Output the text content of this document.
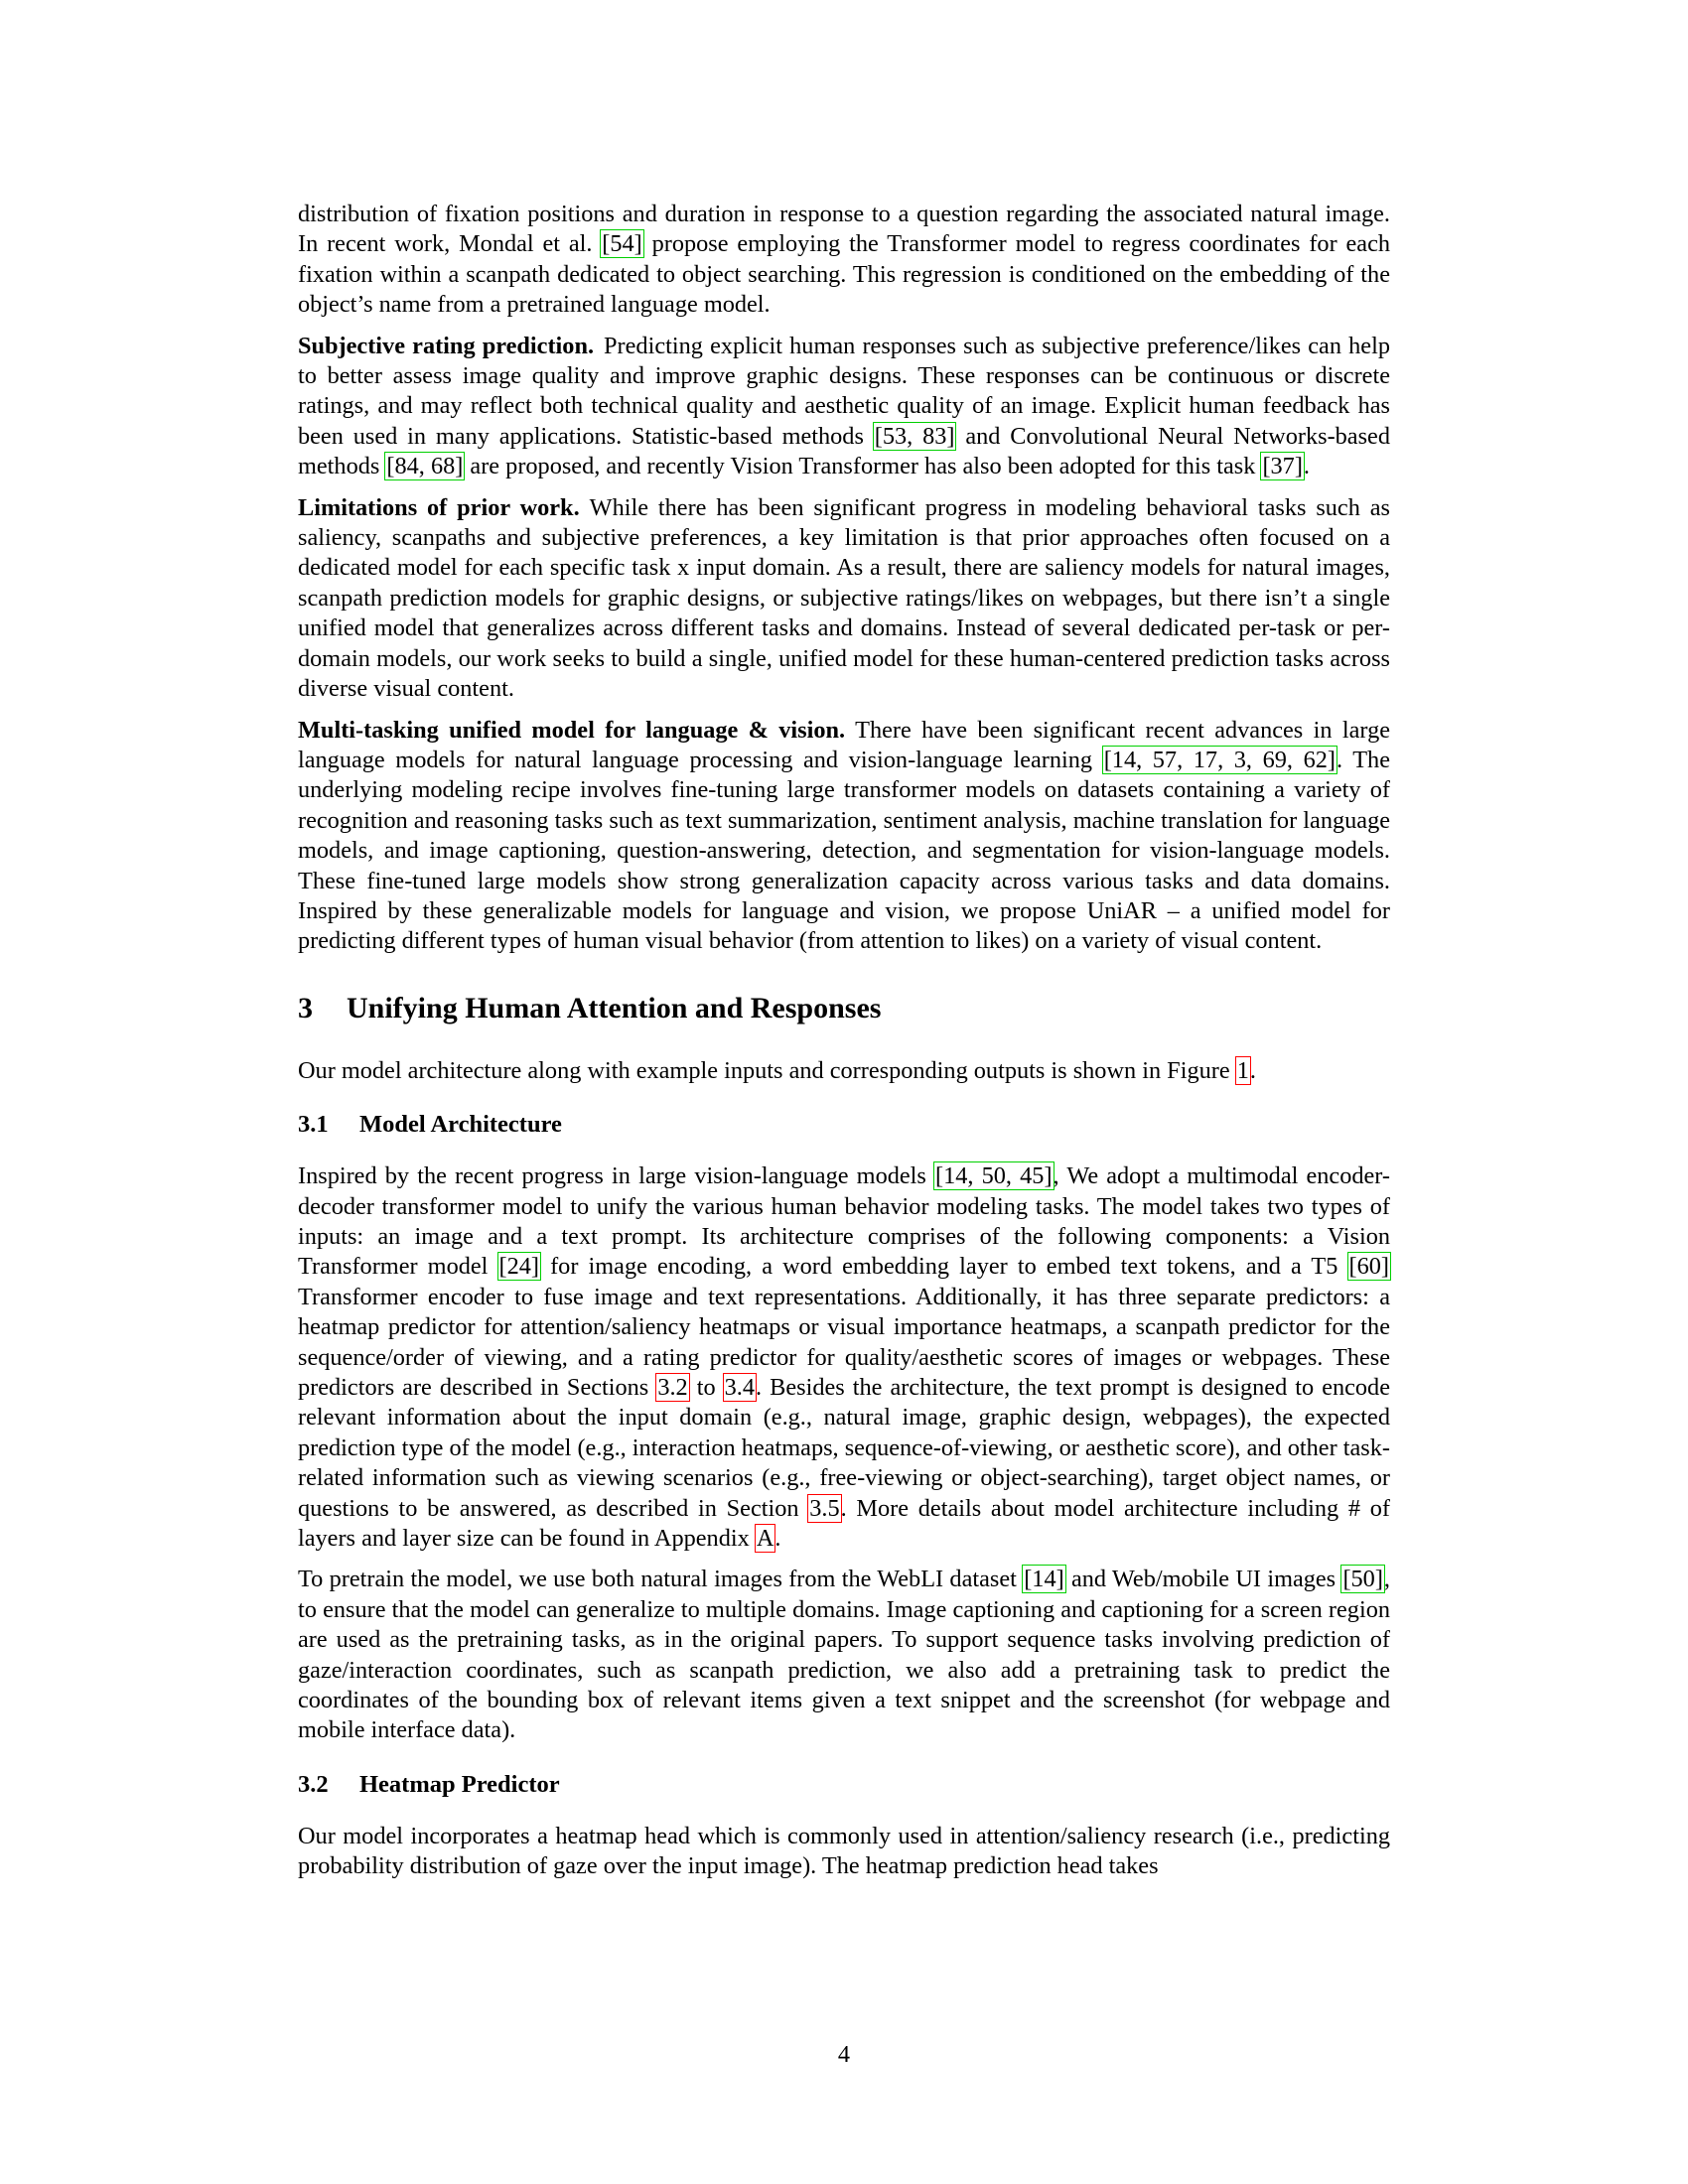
distribution of fixation positions and duration in response to a question regarding the associated natural image. In recent work, Mondal et al. [54] propose employing the Transformer model to regress coordinates for each fixation within a scanpath dedicated to object searching. This regression is conditioned on the embedding of the object’s name from a pretrained language model.

Subjective rating prediction. Predicting explicit human responses such as subjective preference/likes can help to better assess image quality and improve graphic designs. These responses can be continuous or discrete ratings, and may reflect both technical quality and aesthetic quality of an image. Explicit human feedback has been used in many applications. Statistic-based methods [53, 83] and Convolutional Neural Networks-based methods [84, 68] are proposed, and recently Vision Transformer has also been adopted for this task [37].

Limitations of prior work. While there has been significant progress in modeling behavioral tasks such as saliency, scanpaths and subjective preferences, a key limitation is that prior approaches often focused on a dedicated model for each specific task x input domain. As a result, there are saliency models for natural images, scanpath prediction models for graphic designs, or subjective ratings/likes on webpages, but there isn’t a single unified model that generalizes across different tasks and domains. Instead of several dedicated per-task or per-domain models, our work seeks to build a single, unified model for these human-centered prediction tasks across diverse visual content.

Multi-tasking unified model for language & vision. There have been significant recent advances in large language models for natural language processing and vision-language learning [14, 57, 17, 3, 69, 62]. The underlying modeling recipe involves fine-tuning large transformer models on datasets containing a variety of recognition and reasoning tasks such as text summarization, sentiment analysis, machine translation for language models, and image captioning, question-answering, detection, and segmentation for vision-language models. These fine-tuned large models show strong generalization capacity across various tasks and data domains. Inspired by these generalizable models for language and vision, we propose UniAR – a unified model for predicting different types of human visual behavior (from attention to likes) on a variety of visual content.

3 Unifying Human Attention and Responses

Our model architecture along with example inputs and corresponding outputs is shown in Figure 1.

3.1 Model Architecture

Inspired by the recent progress in large vision-language models [14, 50, 45], We adopt a multimodal encoder-decoder transformer model to unify the various human behavior modeling tasks. The model takes two types of inputs: an image and a text prompt. Its architecture comprises of the following components: a Vision Transformer model [24] for image encoding, a word embedding layer to embed text tokens, and a T5 [60] Transformer encoder to fuse image and text representations. Additionally, it has three separate predictors: a heatmap predictor for attention/saliency heatmaps or visual importance heatmaps, a scanpath predictor for the sequence/order of viewing, and a rating predictor for quality/aesthetic scores of images or webpages. These predictors are described in Sections 3.2 to 3.4. Besides the architecture, the text prompt is designed to encode relevant information about the input domain (e.g., natural image, graphic design, webpages), the expected prediction type of the model (e.g., interaction heatmaps, sequence-of-viewing, or aesthetic score), and other task-related information such as viewing scenarios (e.g., free-viewing or object-searching), target object names, or questions to be answered, as described in Section 3.5. More details about model architecture including # of layers and layer size can be found in Appendix A.

To pretrain the model, we use both natural images from the WebLI dataset [14] and Web/mobile UI images [50], to ensure that the model can generalize to multiple domains. Image captioning and captioning for a screen region are used as the pretraining tasks, as in the original papers. To support sequence tasks involving prediction of gaze/interaction coordinates, such as scanpath prediction, we also add a pretraining task to predict the coordinates of the bounding box of relevant items given a text snippet and the screenshot (for webpage and mobile interface data).

3.2 Heatmap Predictor

Our model incorporates a heatmap head which is commonly used in attention/saliency research (i.e., predicting probability distribution of gaze over the input image). The heatmap prediction head takes

4
